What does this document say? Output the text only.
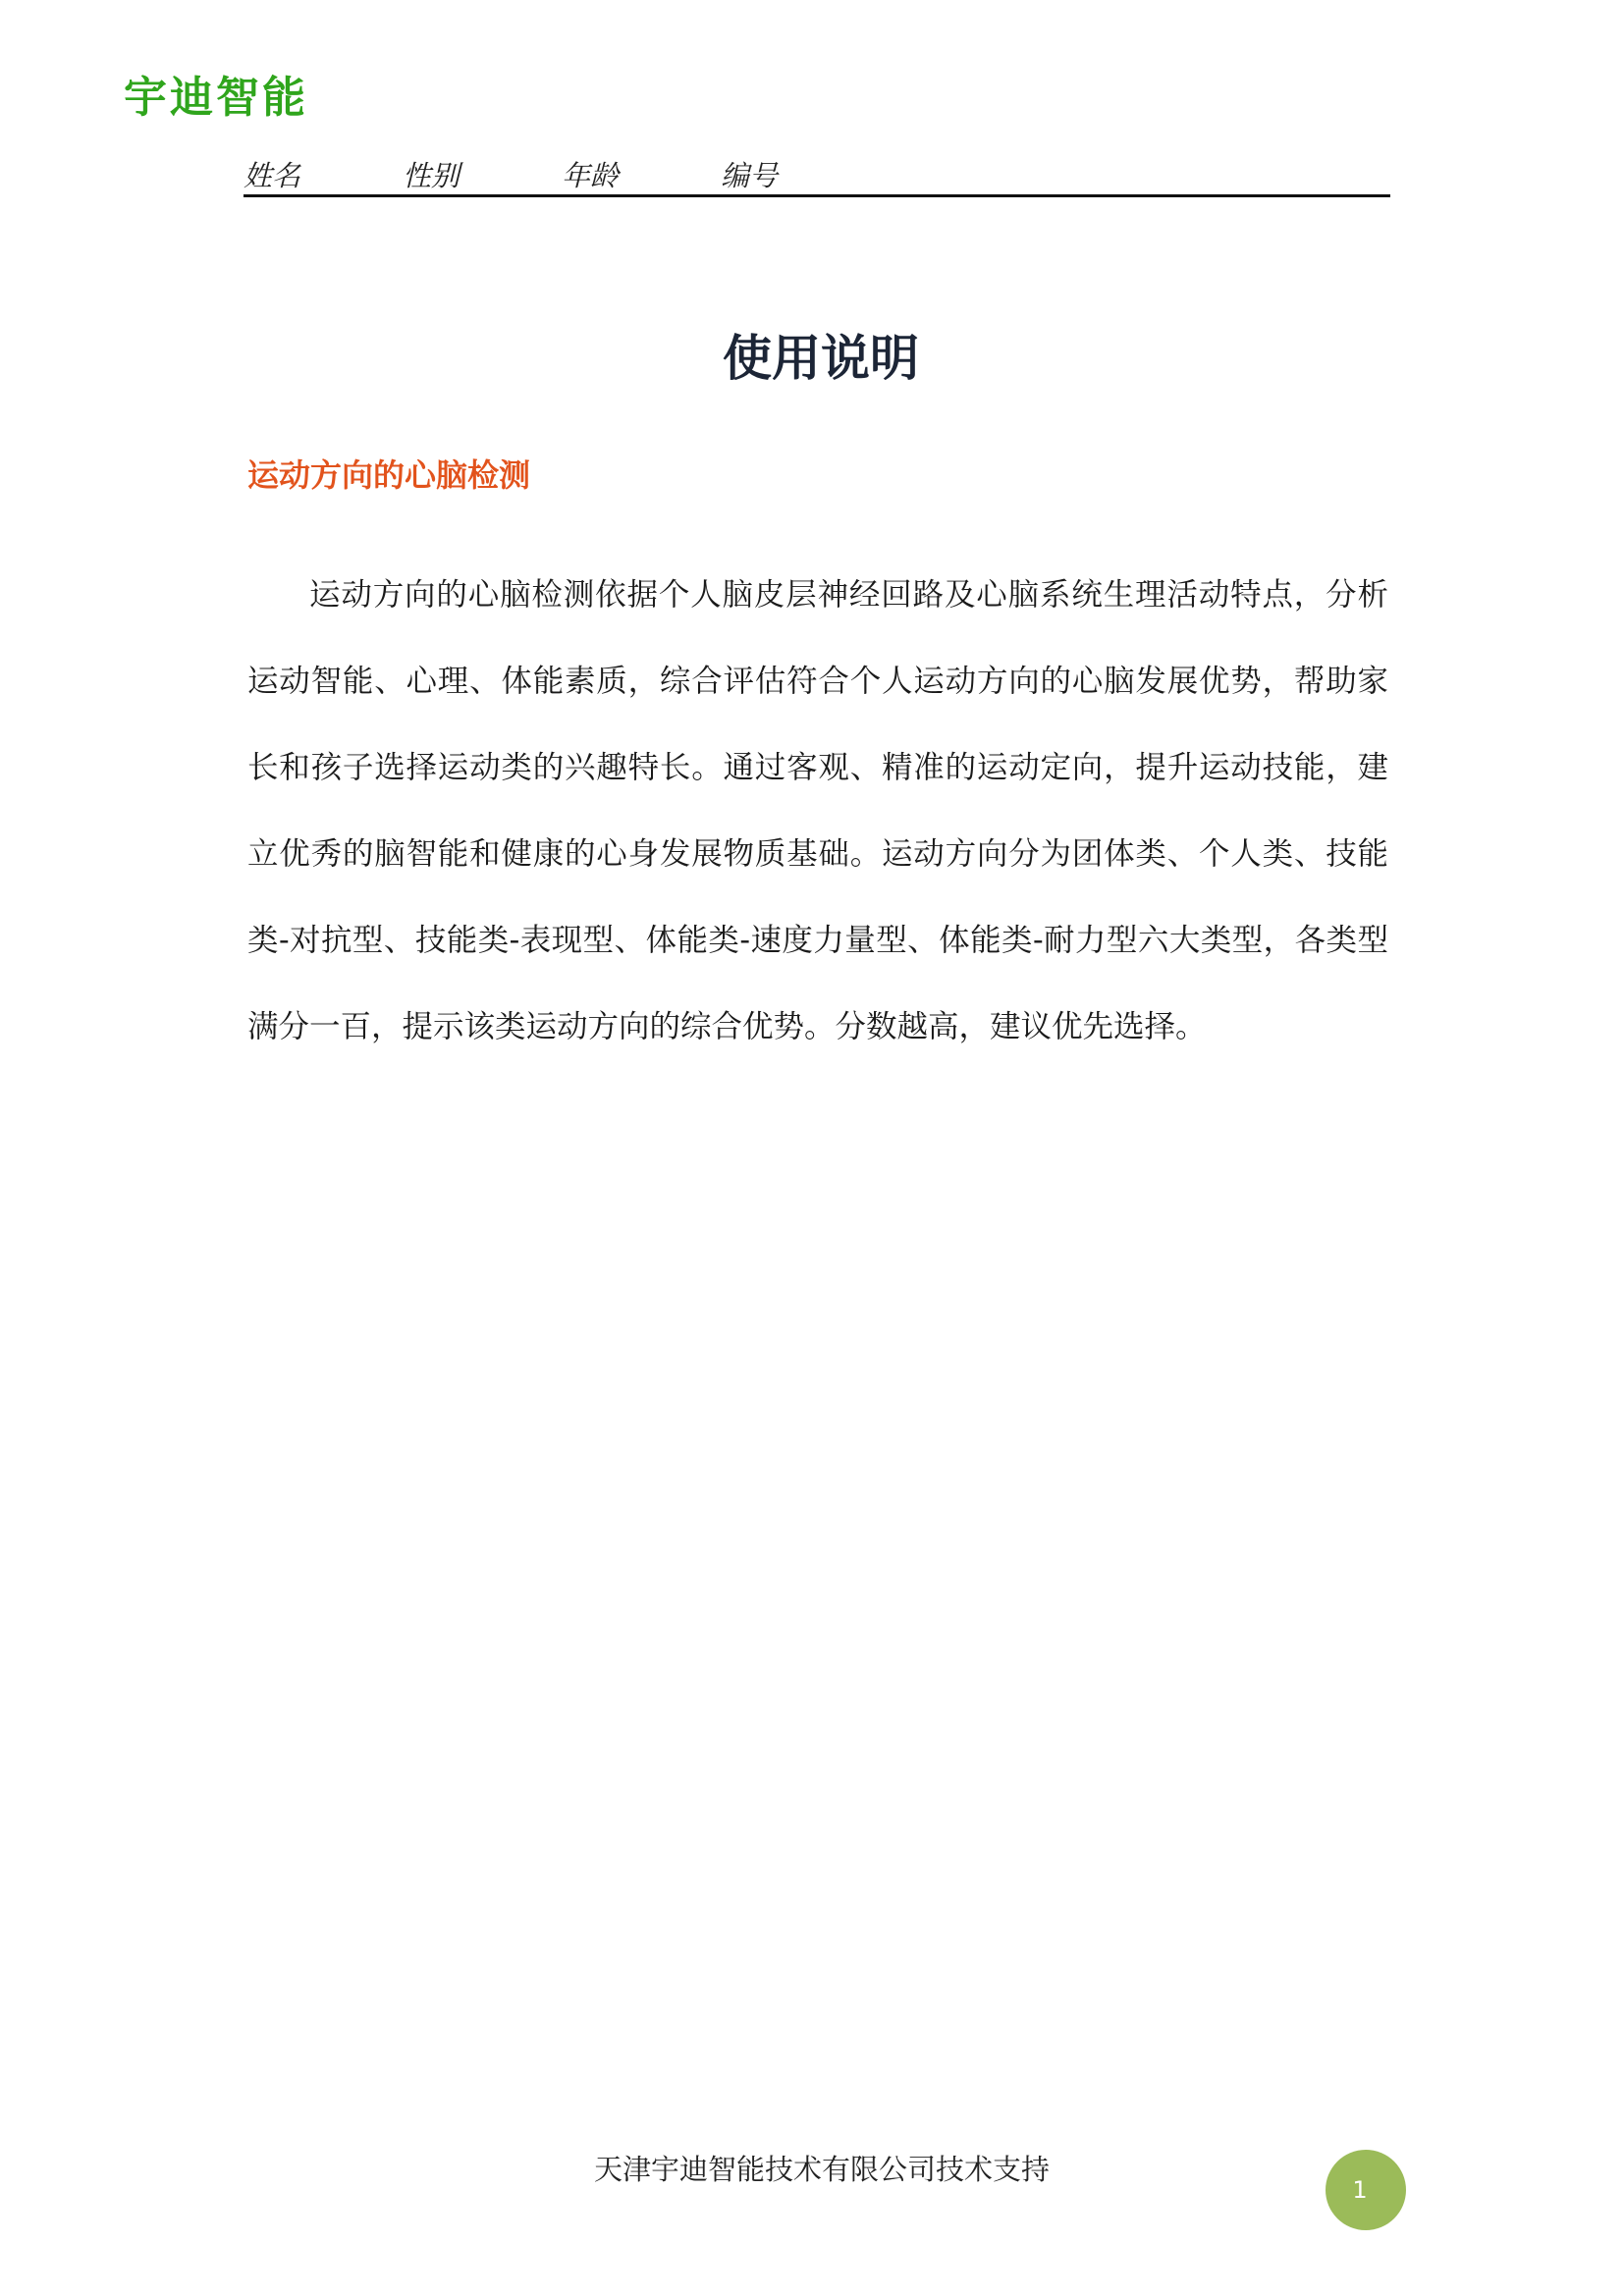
宇迪智能
姓名	性别	年龄	编号
使用说明
运动方向的心脑检测

运动方向的心脑检测依据个人脑皮层神经回路及心脑系统生理活动特点，分析运动智能、心理、体能素质，综合评估符合个人运动方向的心脑发展优势，帮助家长和孩子选择运动类的兴趣特长。通过客观、精准的运动定向，提升运动技能，建立优秀的脑智能和健康的心身发展物质基础。运动方向分为团体类、个人类、技能类-对抗型、技能类-表现型、体能类-速度力量型、体能类-耐力型六大类型，各类型满分一百，提示该类运动方向的综合优势。分数越高，建议优先选择。

天津宇迪智能技术有限公司技术支持
1
